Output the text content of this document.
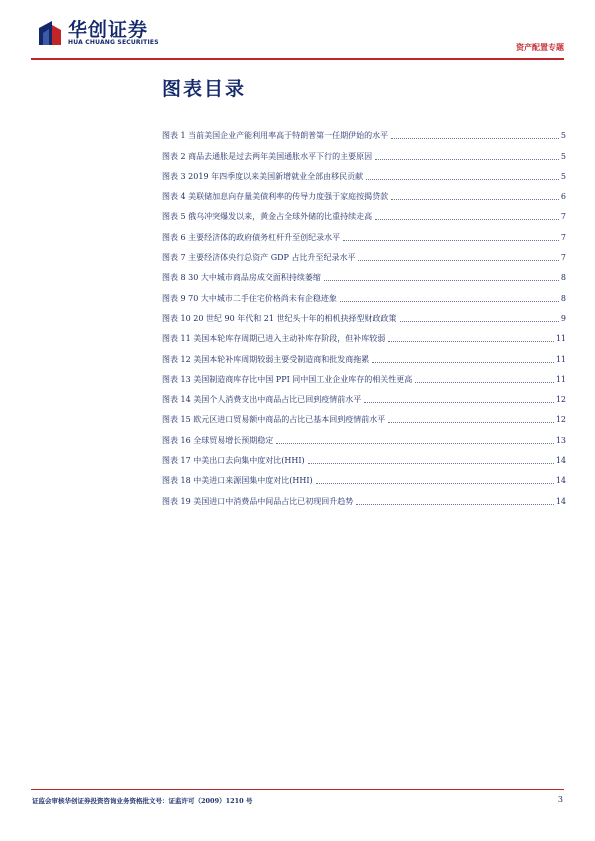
华创证券
HUA CHUANG SECURITIES	资产配置专题
图表目录
图表 1 当前美国企业产能利用率高于特朗普第一任期伊始的水平	5
图表 2 商品去通胀是过去两年美国通胀水平下行的主要原因	5
图表 3 2019 年四季度以来美国新增就业全部由移民贡献	5
图表 4 美联储加息向存量美债利率的传导力度强于家庭按揭贷款	6
图表 5 俄乌冲突爆发以来，黄金占全球外储的比重持续走高	7
图表 6 主要经济体的政府债务杠杆升至创纪录水平	7
图表 7 主要经济体央行总资产 GDP 占比升至纪录水平	7
图表 8 30 大中城市商品房成交面积持续萎缩	8
图表 9 70 大中城市二手住宅价格尚未有企稳迹象	8
图表 10 20 世纪 90 年代和 21 世纪头十年的相机抉择型财政政策	9
图表 11 美国本轮库存周期已进入主动补库存阶段，但补库较弱	11
图表 12 美国本轮补库周期较弱主要受制造商和批发商拖累	11
图表 13 美国制造商库存比中国 PPI 同中国工业企业库存的相关性更高	11
图表 14 美国个人消费支出中商品占比已回到疫情前水平	12
图表 15 欧元区进口贸易额中商品的占比已基本回到疫情前水平	12
图表 16 全球贸易增长预期稳定	13
图表 17 中美出口去向集中度对比(HHI)	14
图表 18 中美进口来源国集中度对比(HHI)	14
图表 19 美国进口中消费品中间品占比已初现回升趋势	14
证监会审核华创证券投资咨询业务资格批文号：证监许可（2009）1210 号	3
